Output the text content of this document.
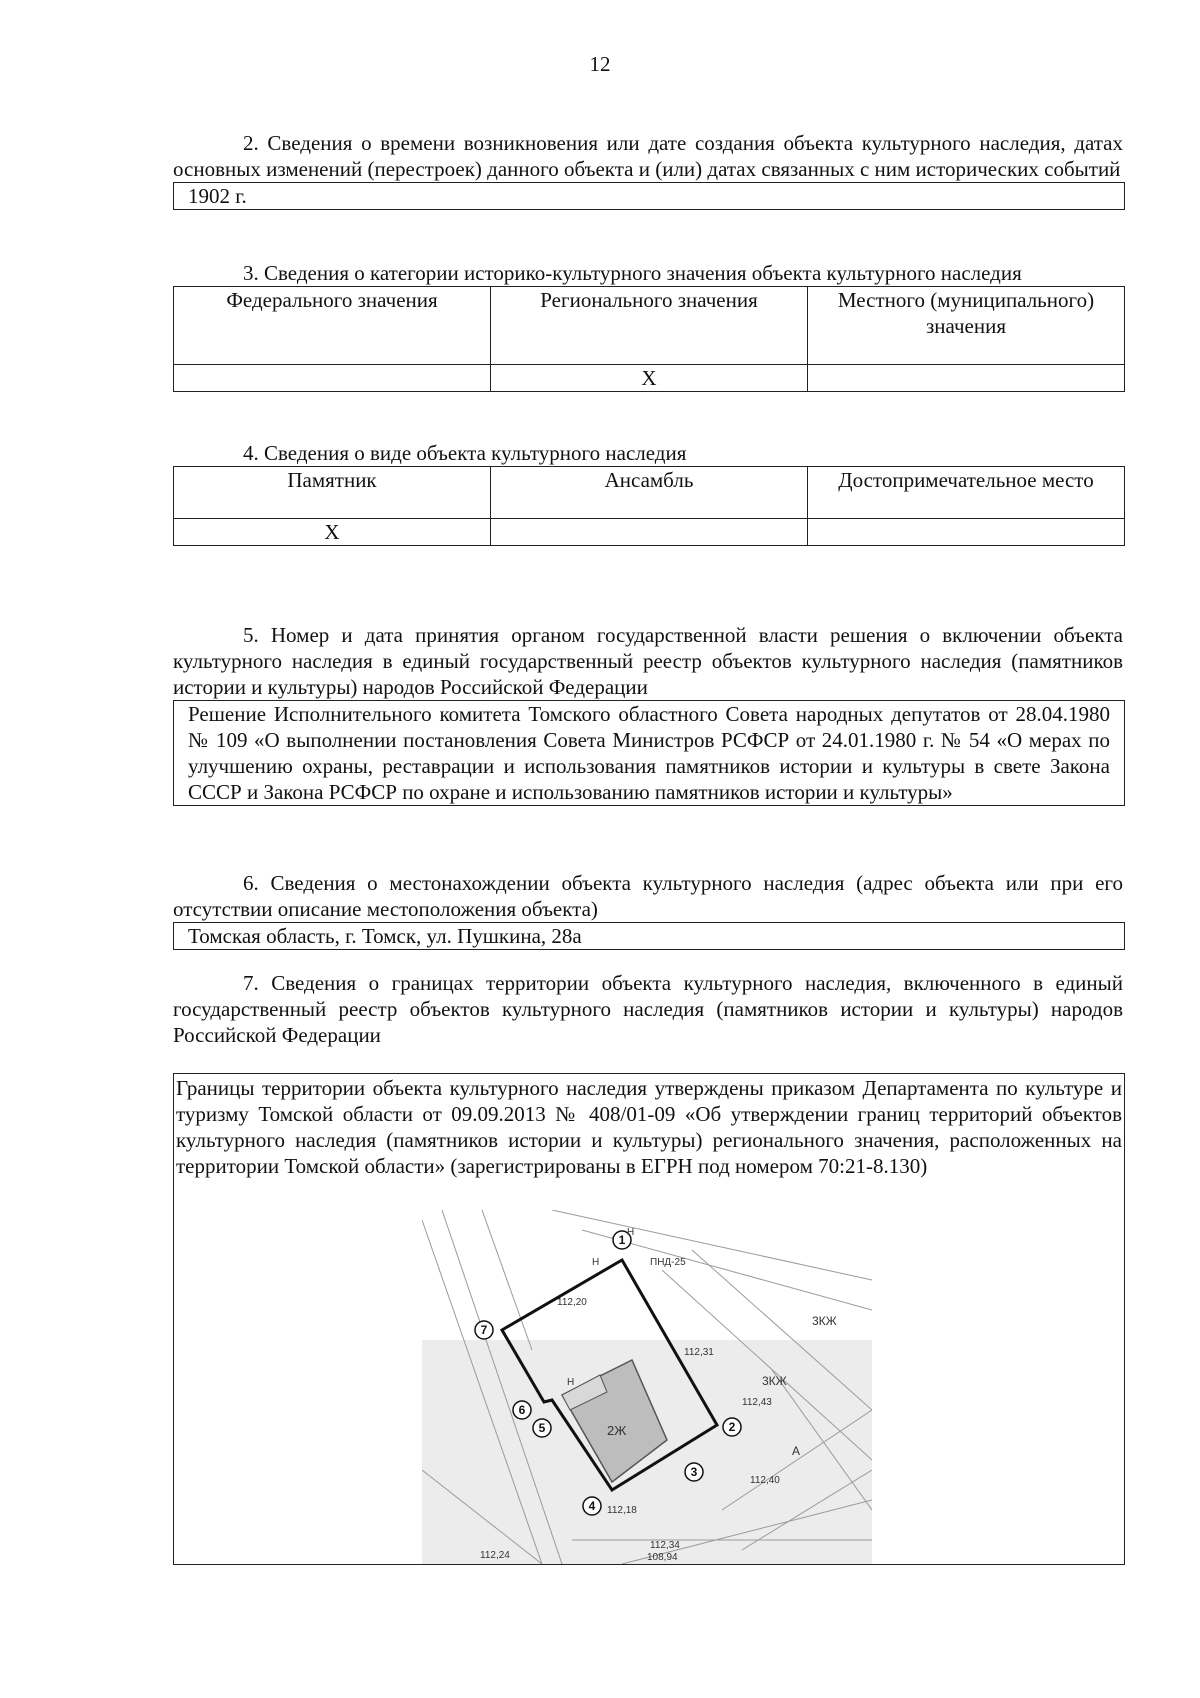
12

2. Сведения о времени возникновения или дате создания объекта культурного наследия, датах основных изменений (перестроек) данного объекта и (или) датах связанных с ним исторических событий

1902 г.

3. Сведения о категории историко-культурного значения объекта культурного наследия

Федерального значения	Регионального значения	Местного (муниципального) значения
	Х	

4. Сведения о виде объекта культурного наследия

Памятник	Ансамбль	Достопримечательное место
Х		

5. Номер и дата принятия органом государственной власти решения о включении объекта культурного наследия в единый государственный реестр объектов культурного наследия (памятников истории и культуры) народов Российской Федерации

Решение Исполнительного комитета Томского областного Совета народных депутатов от 28.04.1980 № 109 «О выполнении постановления Совета Министров РСФСР от 24.01.1980 г. № 54 «О мерах по улучшению охраны, реставрации и использования памятников истории и культуры в свете Закона СССР и Закона РСФСР по охране и использованию памятников истории и культуры»

6. Сведения о местонахождении объекта культурного наследия (адрес объекта или при его отсутствии описание местоположения объекта)

Томская область, г. Томск, ул. Пушкина, 28а

7. Сведения о границах территории объекта культурного наследия, включенного в единый государственный реестр объектов культурного наследия (памятников истории и культуры) народов Российской Федерации

Границы территории объекта культурного наследия утверждены приказом Департамента по культуре и туризму Томской области от 09.09.2013 № 408/01-09 «Об утверждении границ территорий объектов культурного наследия (памятников истории и культуры) регионального значения, расположенных на территории Томской области» (зарегистрированы в ЕГРН под номером 70:21-8.130)
1
2
3
4
5
6
7
Н
Н
Н
2Ж
3КЖ
3КЖ
А
ПНД-25
112,20
112,18
112,31
112,43
112,40
108,94
112,34
112,24
